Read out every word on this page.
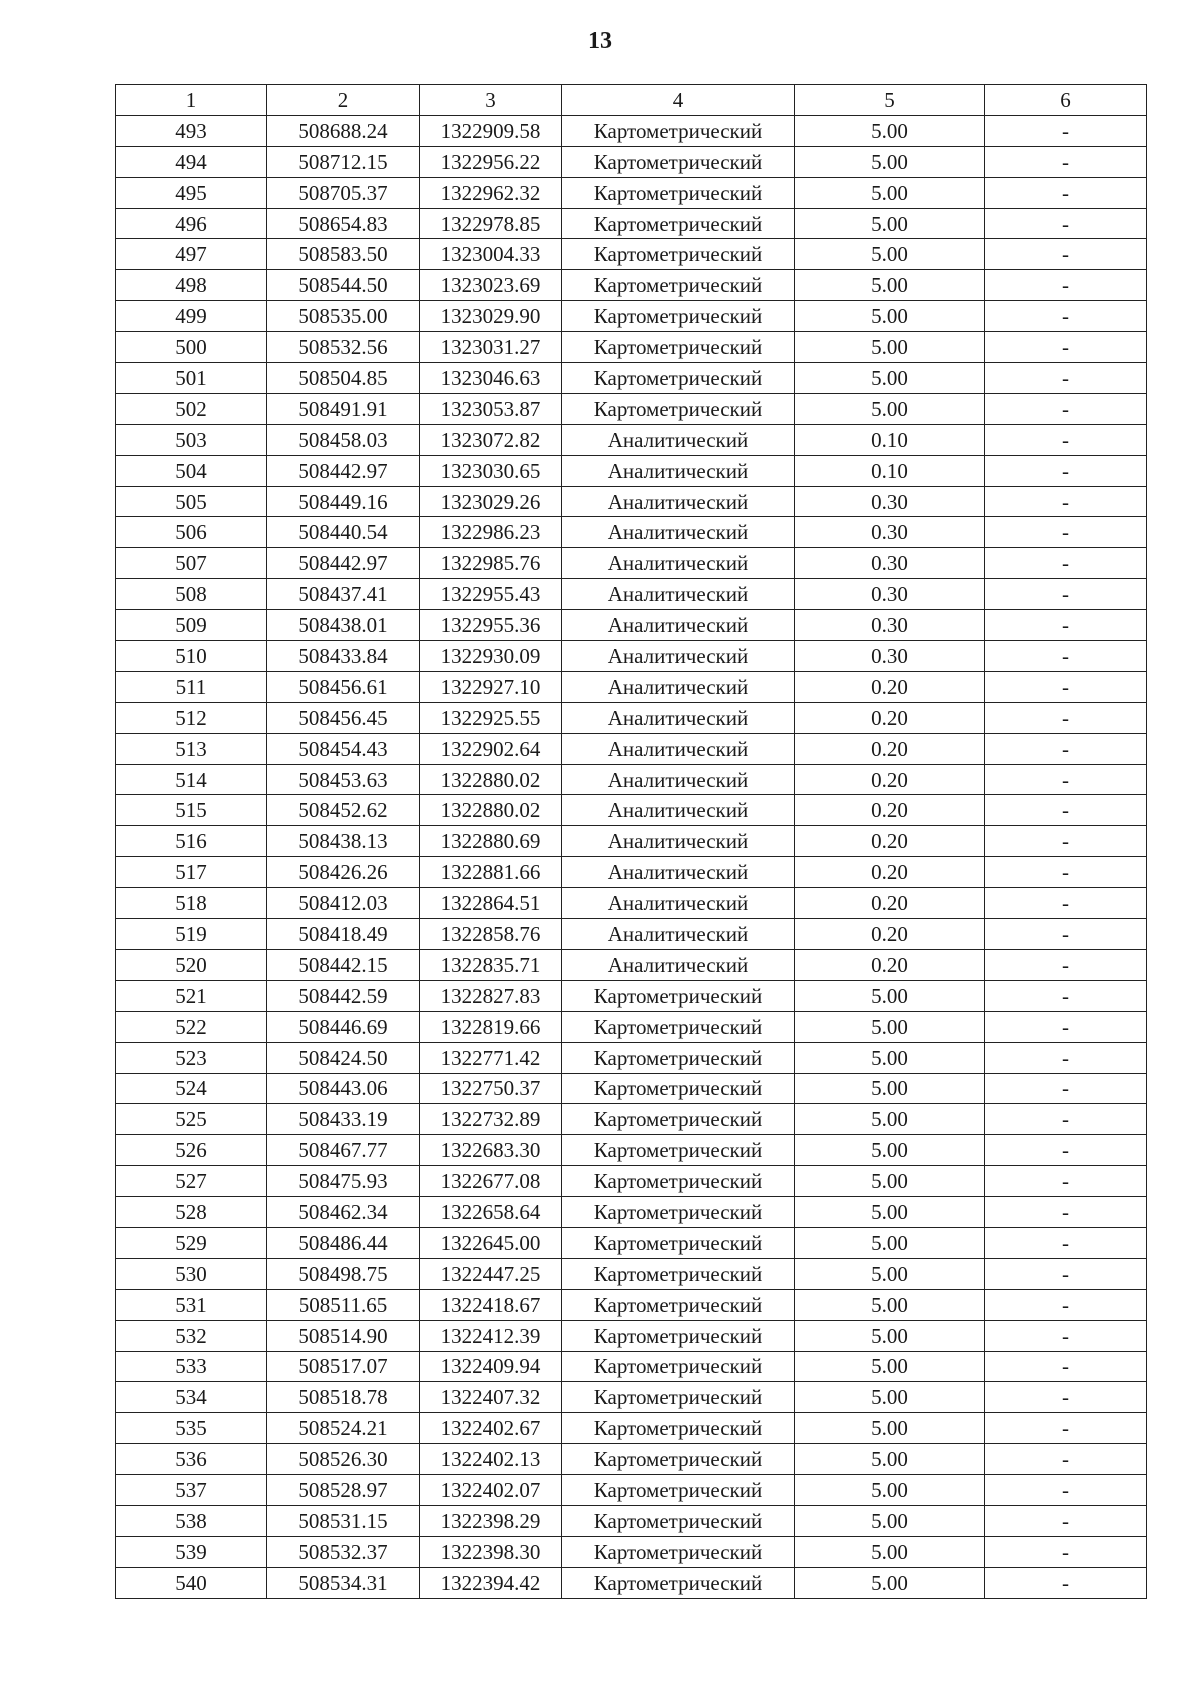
13
1	2	3	4	5	6
493	508688.24	1322909.58	Картометрический	5.00	-
494	508712.15	1322956.22	Картометрический	5.00	-
495	508705.37	1322962.32	Картометрический	5.00	-
496	508654.83	1322978.85	Картометрический	5.00	-
497	508583.50	1323004.33	Картометрический	5.00	-
498	508544.50	1323023.69	Картометрический	5.00	-
499	508535.00	1323029.90	Картометрический	5.00	-
500	508532.56	1323031.27	Картометрический	5.00	-
501	508504.85	1323046.63	Картометрический	5.00	-
502	508491.91	1323053.87	Картометрический	5.00	-
503	508458.03	1323072.82	Аналитический	0.10	-
504	508442.97	1323030.65	Аналитический	0.10	-
505	508449.16	1323029.26	Аналитический	0.30	-
506	508440.54	1322986.23	Аналитический	0.30	-
507	508442.97	1322985.76	Аналитический	0.30	-
508	508437.41	1322955.43	Аналитический	0.30	-
509	508438.01	1322955.36	Аналитический	0.30	-
510	508433.84	1322930.09	Аналитический	0.30	-
511	508456.61	1322927.10	Аналитический	0.20	-
512	508456.45	1322925.55	Аналитический	0.20	-
513	508454.43	1322902.64	Аналитический	0.20	-
514	508453.63	1322880.02	Аналитический	0.20	-
515	508452.62	1322880.02	Аналитический	0.20	-
516	508438.13	1322880.69	Аналитический	0.20	-
517	508426.26	1322881.66	Аналитический	0.20	-
518	508412.03	1322864.51	Аналитический	0.20	-
519	508418.49	1322858.76	Аналитический	0.20	-
520	508442.15	1322835.71	Аналитический	0.20	-
521	508442.59	1322827.83	Картометрический	5.00	-
522	508446.69	1322819.66	Картометрический	5.00	-
523	508424.50	1322771.42	Картометрический	5.00	-
524	508443.06	1322750.37	Картометрический	5.00	-
525	508433.19	1322732.89	Картометрический	5.00	-
526	508467.77	1322683.30	Картометрический	5.00	-
527	508475.93	1322677.08	Картометрический	5.00	-
528	508462.34	1322658.64	Картометрический	5.00	-
529	508486.44	1322645.00	Картометрический	5.00	-
530	508498.75	1322447.25	Картометрический	5.00	-
531	508511.65	1322418.67	Картометрический	5.00	-
532	508514.90	1322412.39	Картометрический	5.00	-
533	508517.07	1322409.94	Картометрический	5.00	-
534	508518.78	1322407.32	Картометрический	5.00	-
535	508524.21	1322402.67	Картометрический	5.00	-
536	508526.30	1322402.13	Картометрический	5.00	-
537	508528.97	1322402.07	Картометрический	5.00	-
538	508531.15	1322398.29	Картометрический	5.00	-
539	508532.37	1322398.30	Картометрический	5.00	-
540	508534.31	1322394.42	Картометрический	5.00	-
